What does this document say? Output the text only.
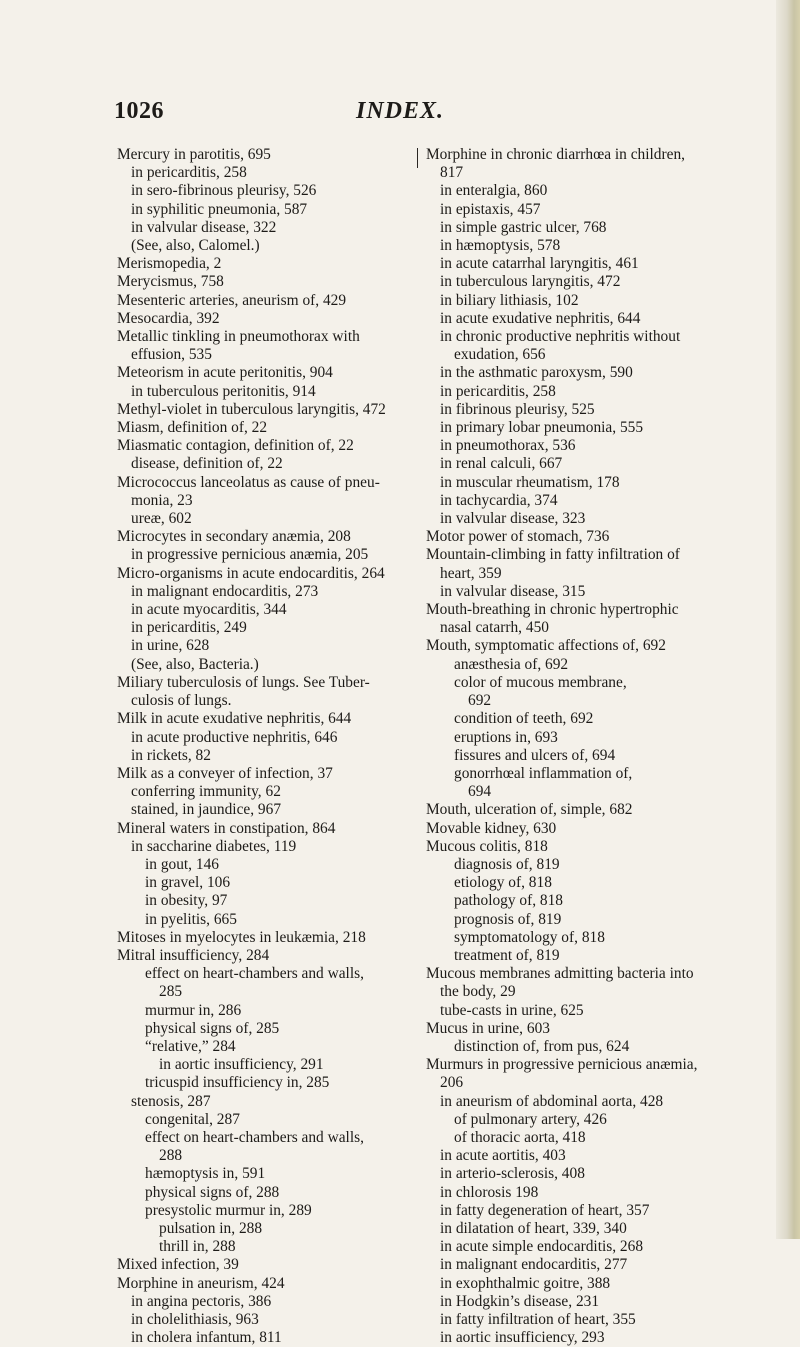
1026	INDEX.
Mercury in parotitis, 695
in pericarditis, 258
in sero-fibrinous pleurisy, 526
in syphilitic pneumonia, 587
in valvular disease, 322
(See, also, Calomel.)
Merismopedia, 2
Merycismus, 758
Mesenteric arteries, aneurism of, 429
Mesocardia, 392
Metallic tinkling in pneumothorax with
effusion, 535
Meteorism in acute peritonitis, 904
in tuberculous peritonitis, 914
Methyl-violet in tuberculous laryngitis, 472
Miasm, definition of, 22
Miasmatic contagion, definition of, 22
disease, definition of, 22
Micrococcus lanceolatus as cause of pneu-
monia, 23
ureæ, 602
Microcytes in secondary anæmia, 208
in progressive pernicious anæmia, 205
Micro-organisms in acute endocarditis, 264
in malignant endocarditis, 273
in acute myocarditis, 344
in pericarditis, 249
in urine, 628
(See, also, Bacteria.)
Miliary tuberculosis of lungs. See Tuber-
culosis of lungs.
Milk in acute exudative nephritis, 644
in acute productive nephritis, 646
in rickets, 82
Milk as a conveyer of infection, 37
conferring immunity, 62
stained, in jaundice, 967
Mineral waters in constipation, 864
in saccharine diabetes, 119
in gout, 146
in gravel, 106
in obesity, 97
in pyelitis, 665
Mitoses in myelocytes in leukæmia, 218
Mitral insufficiency, 284
effect on heart-chambers and walls,
285
murmur in, 286
physical signs of, 285
“relative,” 284
in aortic insufficiency, 291
tricuspid insufficiency in, 285
stenosis, 287
congenital, 287
effect on heart-chambers and walls,
288
hæmoptysis in, 591
physical signs of, 288
presystolic murmur in, 289
pulsation in, 288
thrill in, 288
Mixed infection, 39
Morphine in aneurism, 424
in angina pectoris, 386
in cholelithiasis, 963
in cholera infantum, 811
Morphine in chronic diarrhœa in children,
817
in enteralgia, 860
in epistaxis, 457
in simple gastric ulcer, 768
in hæmoptysis, 578
in acute catarrhal laryngitis, 461
in tuberculous laryngitis, 472
in biliary lithiasis, 102
in acute exudative nephritis, 644
in chronic productive nephritis without
exudation, 656
in the asthmatic paroxysm, 590
in pericarditis, 258
in fibrinous pleurisy, 525
in primary lobar pneumonia, 555
in pneumothorax, 536
in renal calculi, 667
in muscular rheumatism, 178
in tachycardia, 374
in valvular disease, 323
Motor power of stomach, 736
Mountain-climbing in fatty infiltration of
heart, 359
in valvular disease, 315
Mouth-breathing in chronic hypertrophic
nasal catarrh, 450
Mouth, symptomatic affections of, 692
anæsthesia of, 692
color of mucous membrane,
692
condition of teeth, 692
eruptions in, 693
fissures and ulcers of, 694
gonorrhœal inflammation of,
694
Mouth, ulceration of, simple, 682
Movable kidney, 630
Mucous colitis, 818
diagnosis of, 819
etiology of, 818
pathology of, 818
prognosis of, 819
symptomatology of, 818
treatment of, 819
Mucous membranes admitting bacteria into
the body, 29
tube-casts in urine, 625
Mucus in urine, 603
distinction of, from pus, 624
Murmurs in progressive pernicious anæmia,
206
in aneurism of abdominal aorta, 428
of pulmonary artery, 426
of thoracic aorta, 418
in acute aortitis, 403
in arterio-sclerosis, 408
in chlorosis 198
in fatty degeneration of heart, 357
in dilatation of heart, 339, 340
in acute simple endocarditis, 268
in malignant endocarditis, 277
in exophthalmic goitre, 388
in Hodgkin’s disease, 231
in fatty infiltration of heart, 355
in aortic insufficiency, 293
